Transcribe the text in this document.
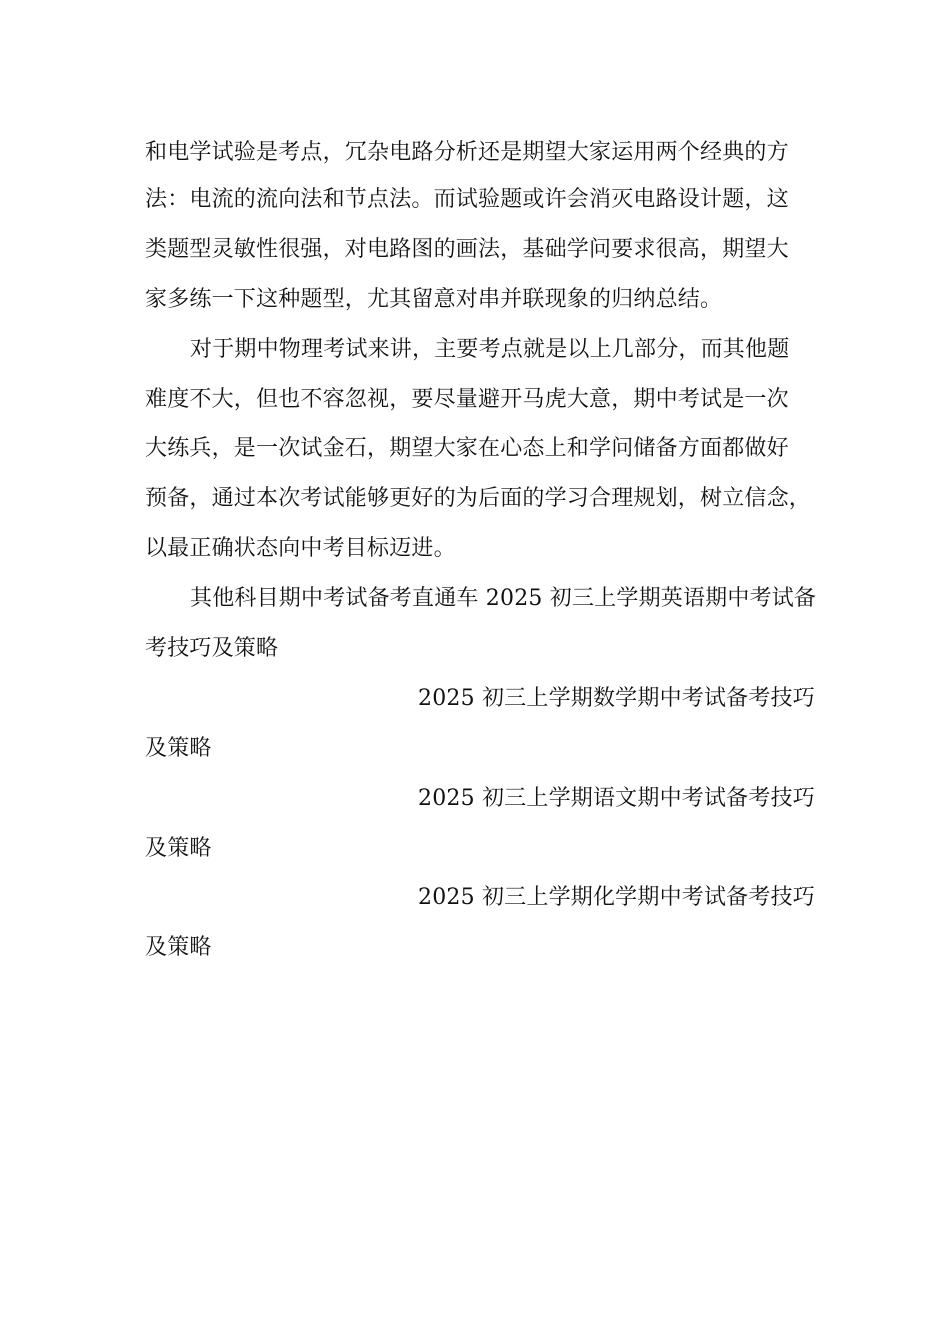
和电学试验是考点，冗杂电路分析还是期望大家运用两个经典的方
法：电流的流向法和节点法。而试验题或许会消灭电路设计题，这
类题型灵敏性很强，对电路图的画法，基础学问要求很高，期望大
家多练一下这种题型，尤其留意对串并联现象的归纳总结。
对于期中物理考试来讲，主要考点就是以上几部分，而其他题
难度不大，但也不容忽视，要尽量避开马虎大意，期中考试是一次
大练兵，是一次试金石，期望大家在心态上和学问储备方面都做好
预备，通过本次考试能够更好的为后面的学习合理规划，树立信念，
以最正确状态向中考目标迈进。
其他科目期中考试备考直通车 2025 初三上学期英语期中考试备
考技巧及策略
2025 初三上学期数学期中考试备考技巧
及策略
2025 初三上学期语文期中考试备考技巧
及策略
2025 初三上学期化学期中考试备考技巧
及策略
